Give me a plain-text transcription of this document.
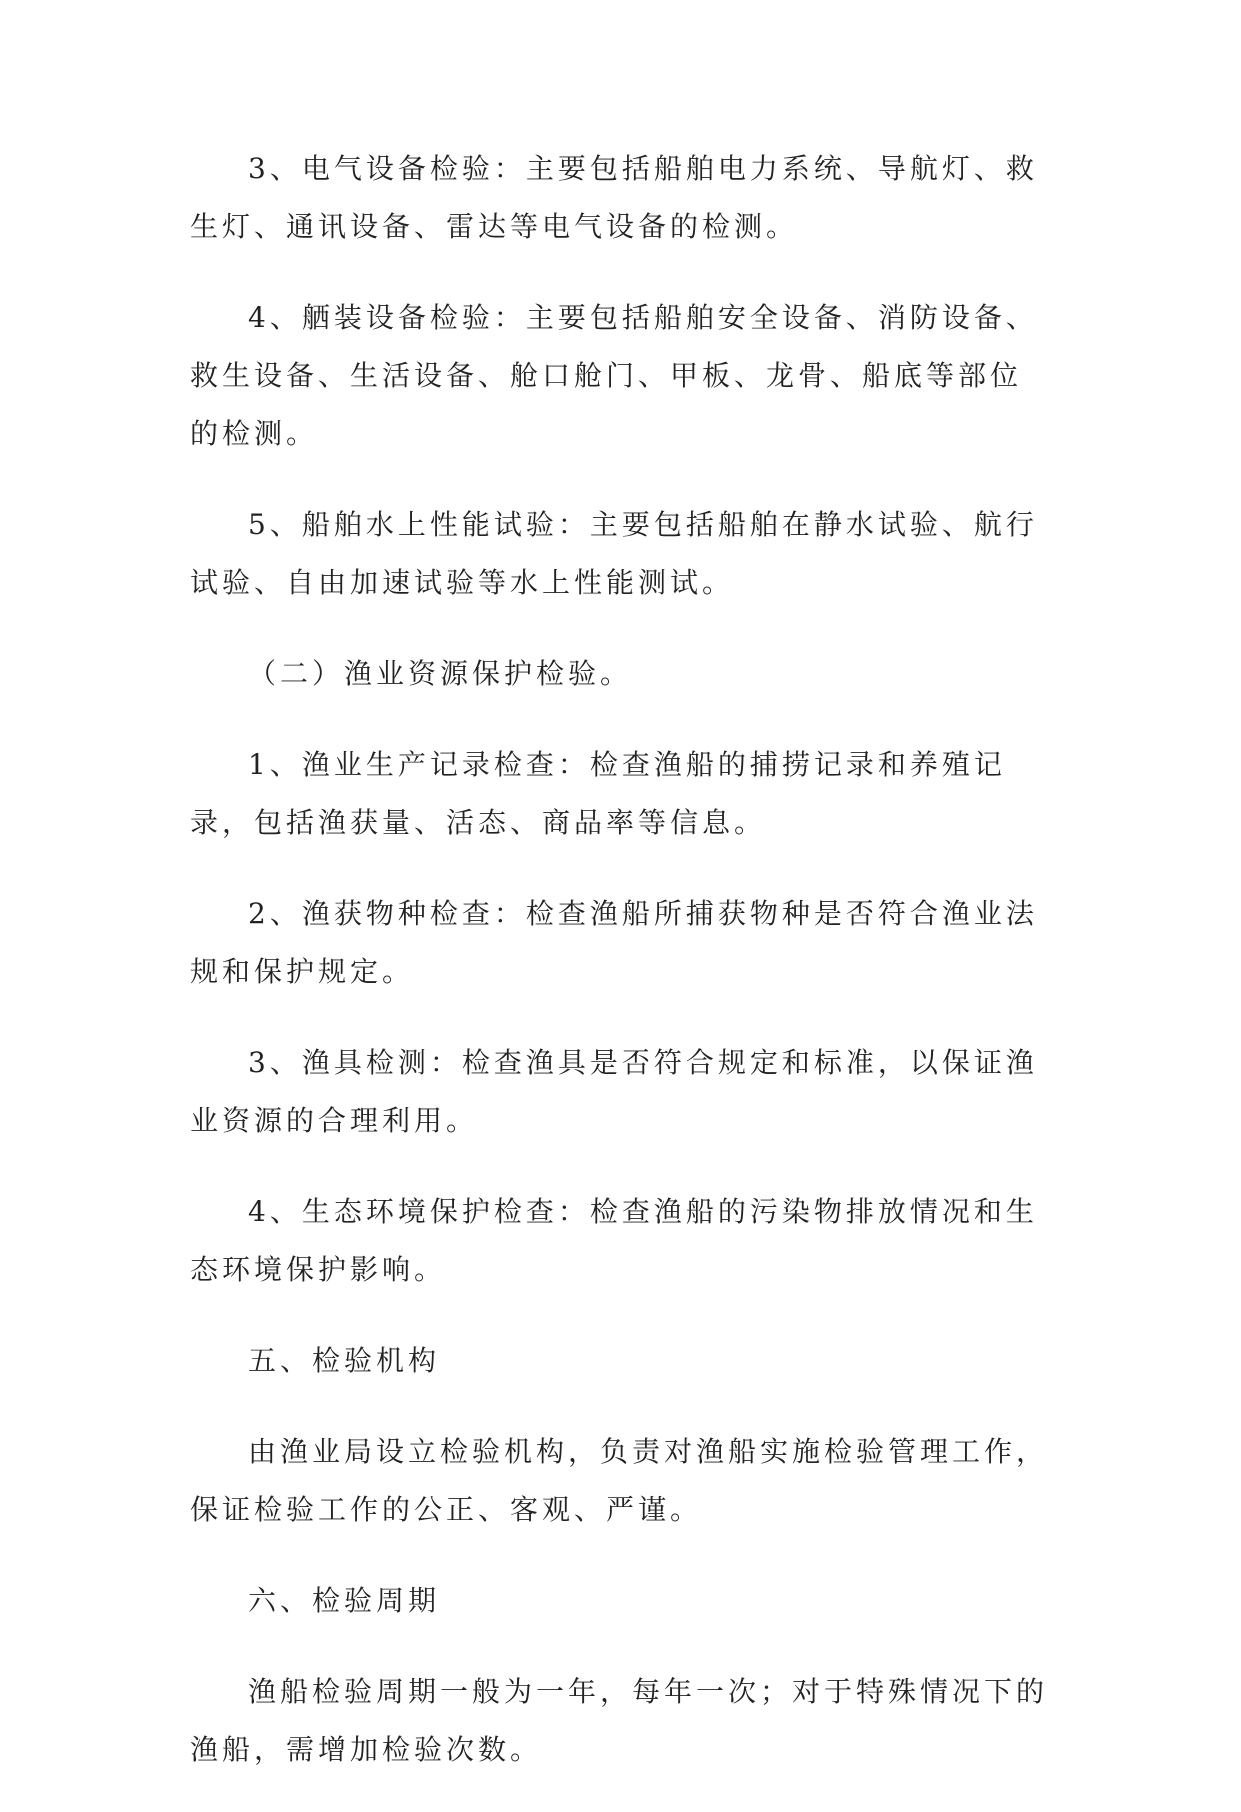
3、电气设备检验：主要包括船舶电力系统、导航灯、救生灯、通讯设备、雷达等电气设备的检测。

4、舾装设备检验：主要包括船舶安全设备、消防设备、救生设备、生活设备、舱口舱门、甲板、龙骨、船底等部位的检测。

5、船舶水上性能试验：主要包括船舶在静水试验、航行试验、自由加速试验等水上性能测试。

（二）渔业资源保护检验。

1、渔业生产记录检查：检查渔船的捕捞记录和养殖记录，包括渔获量、活态、商品率等信息。

2、渔获物种检查：检查渔船所捕获物种是否符合渔业法规和保护规定。

3、渔具检测：检查渔具是否符合规定和标准，以保证渔业资源的合理利用。

4、生态环境保护检查：检查渔船的污染物排放情况和生态环境保护影响。

五、检验机构

由渔业局设立检验机构，负责对渔船实施检验管理工作，保证检验工作的公正、客观、严谨。

六、检验周期

渔船检验周期一般为一年，每年一次；对于特殊情况下的渔船，需增加检验次数。
